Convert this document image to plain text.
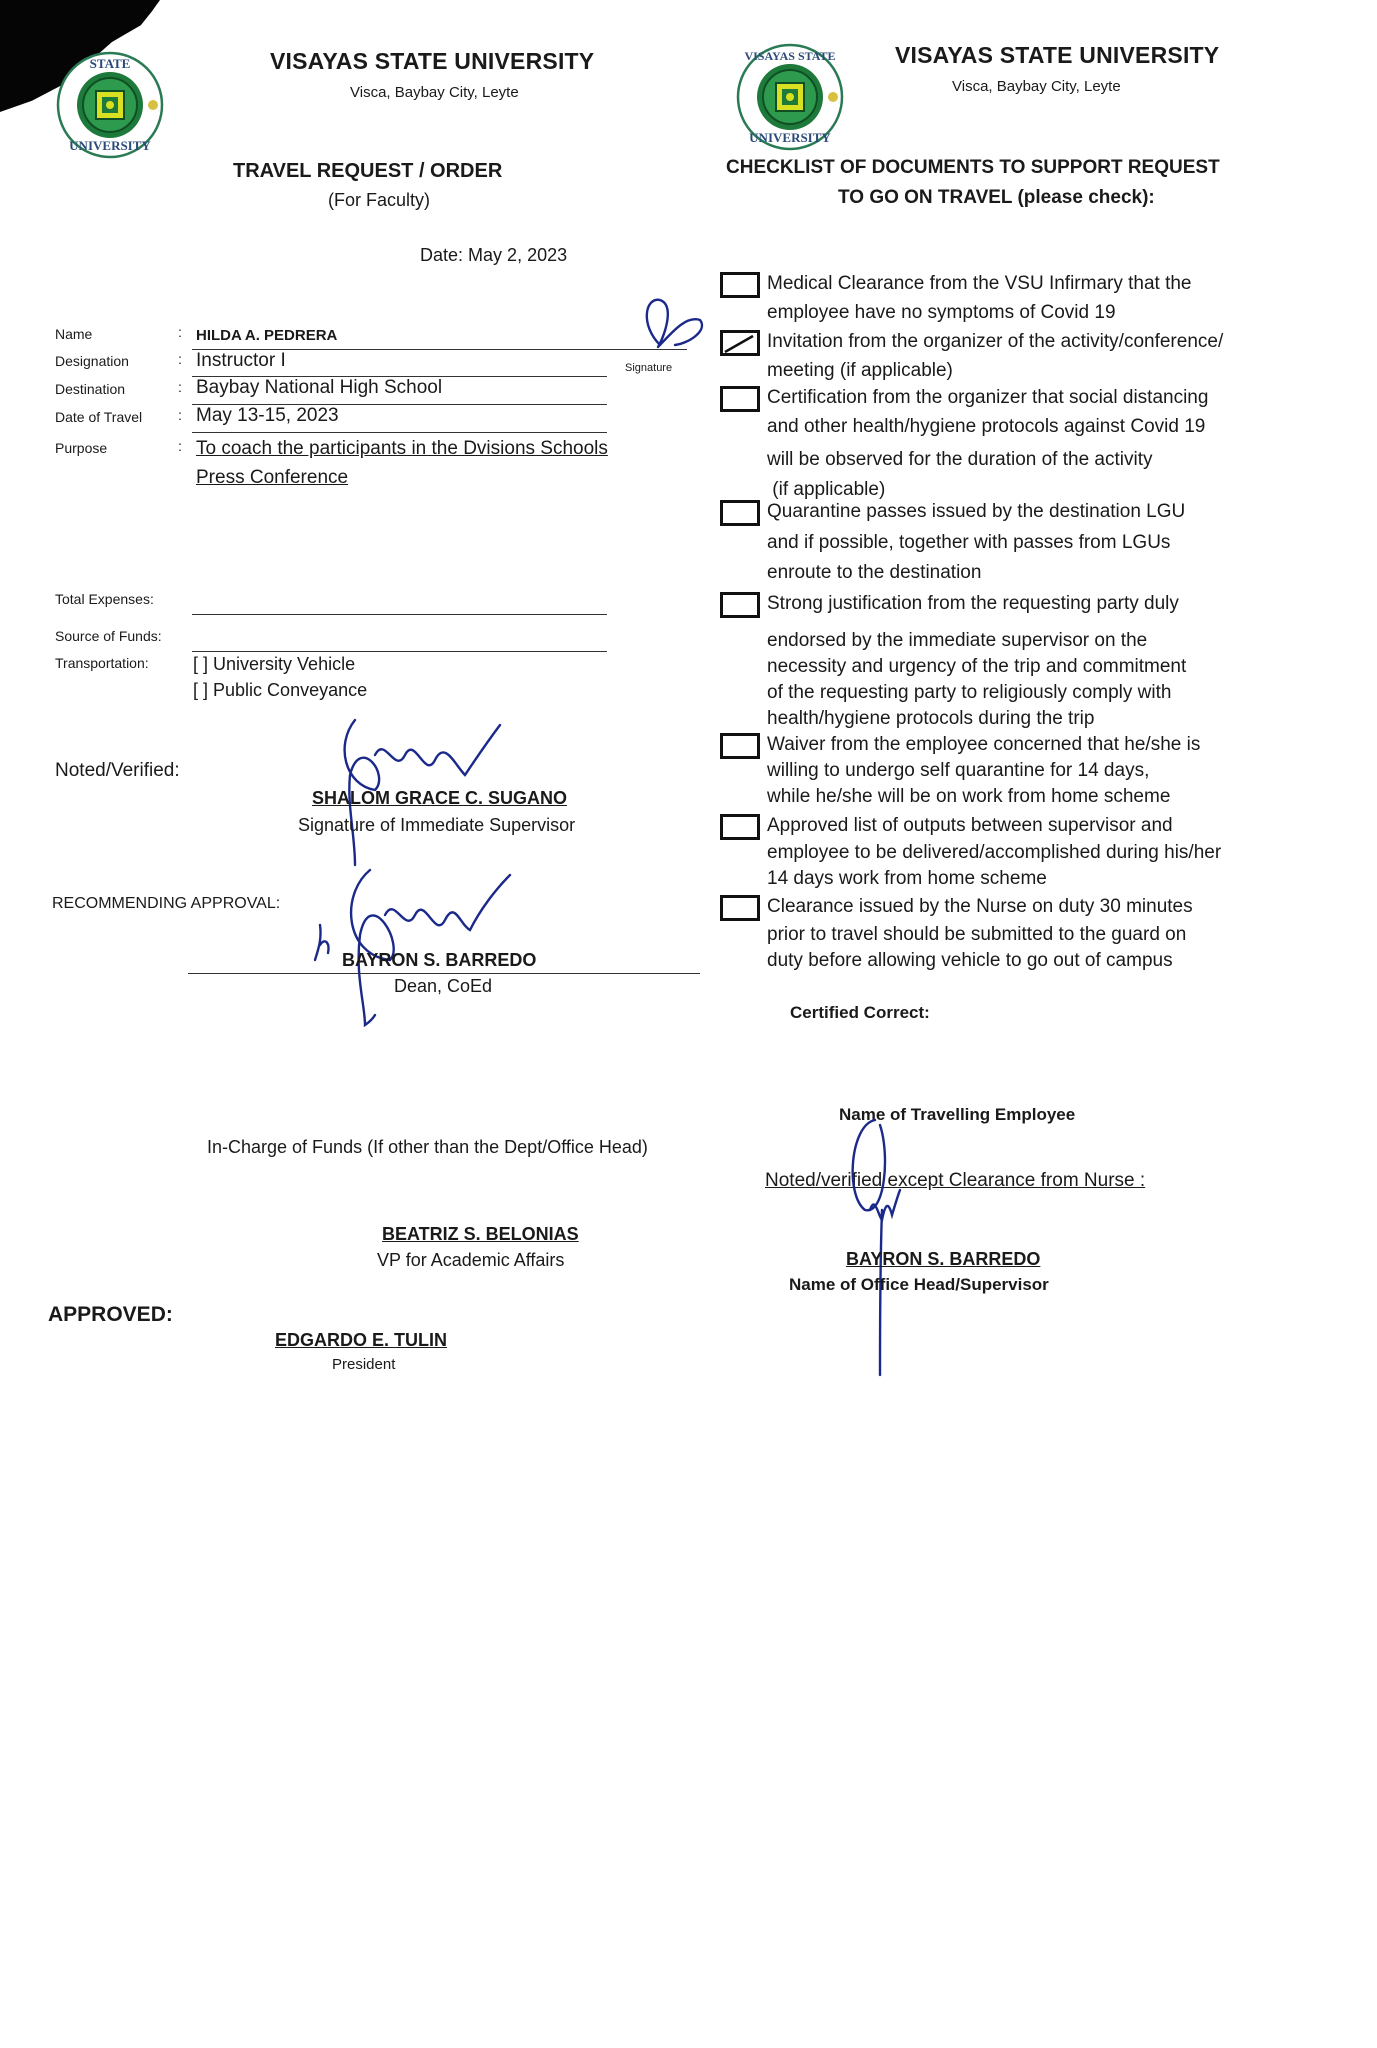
STATE
UNIVERSITY
VISAYAS STATE UNIVERSITY
Visca, Baybay City, Leyte
TRAVEL REQUEST / ORDER
(For Faculty)
Date: May 2, 2023
Name	: HILDA A. PEDRERA
Designation	: Instructor I
Destination	: Baybay National High School
Date of Travel	: May 13-15, 2023
Purpose	: To coach the participants in the Dvisions Schools
Press Conference
Signature
Total Expenses:
Source of Funds:
Transportation: [ ] University Vehicle
[ ] Public Conveyance
Noted/Verified:
SHALOM GRACE C. SUGANO
Signature of Immediate Supervisor
RECOMMENDING APPROVAL:
BAYRON S. BARREDO
Dean, CoEd
In-Charge of Funds (If other than the Dept/Office Head)
BEATRIZ S. BELONIAS
VP for Academic Affairs
APPROVED:
EDGARDO E. TULIN
President
VISAYAS STATE
UNIVERSITY
VISAYAS STATE UNIVERSITY
Visca, Baybay City, Leyte
CHECKLIST OF DOCUMENTS TO SUPPORT REQUEST
TO GO ON TRAVEL (please check):
Medical Clearance from the VSU Infirmary that the
employee have no symptoms of Covid 19
Invitation from the organizer of the activity/conference/
meeting (if applicable)
Certification from the organizer that social distancing
and other health/hygiene protocols against Covid 19
will be observed for the duration of the activity
(if applicable)
Quarantine passes issued by the destination LGU
and if possible, together with passes from LGUs
enroute to the destination
Strong justification from the requesting party duly
endorsed by the immediate supervisor on the
necessity and urgency of the trip and commitment
of the requesting party to religiously comply with
health/hygiene protocols during the trip
Waiver from the employee concerned that he/she is
willing to undergo self quarantine for 14 days,
while he/she will be on work from home scheme
Approved list of outputs between supervisor and
employee to be delivered/accomplished during his/her
14 days work from home scheme
Clearance issued by the Nurse on duty 30 minutes
prior to travel should be submitted to the guard on
duty before allowing vehicle to go out of campus
Certified Correct:
Name of Travelling Employee
Noted/verified except Clearance from Nurse :
BAYRON S. BARREDO
Name of Office Head/Supervisor
